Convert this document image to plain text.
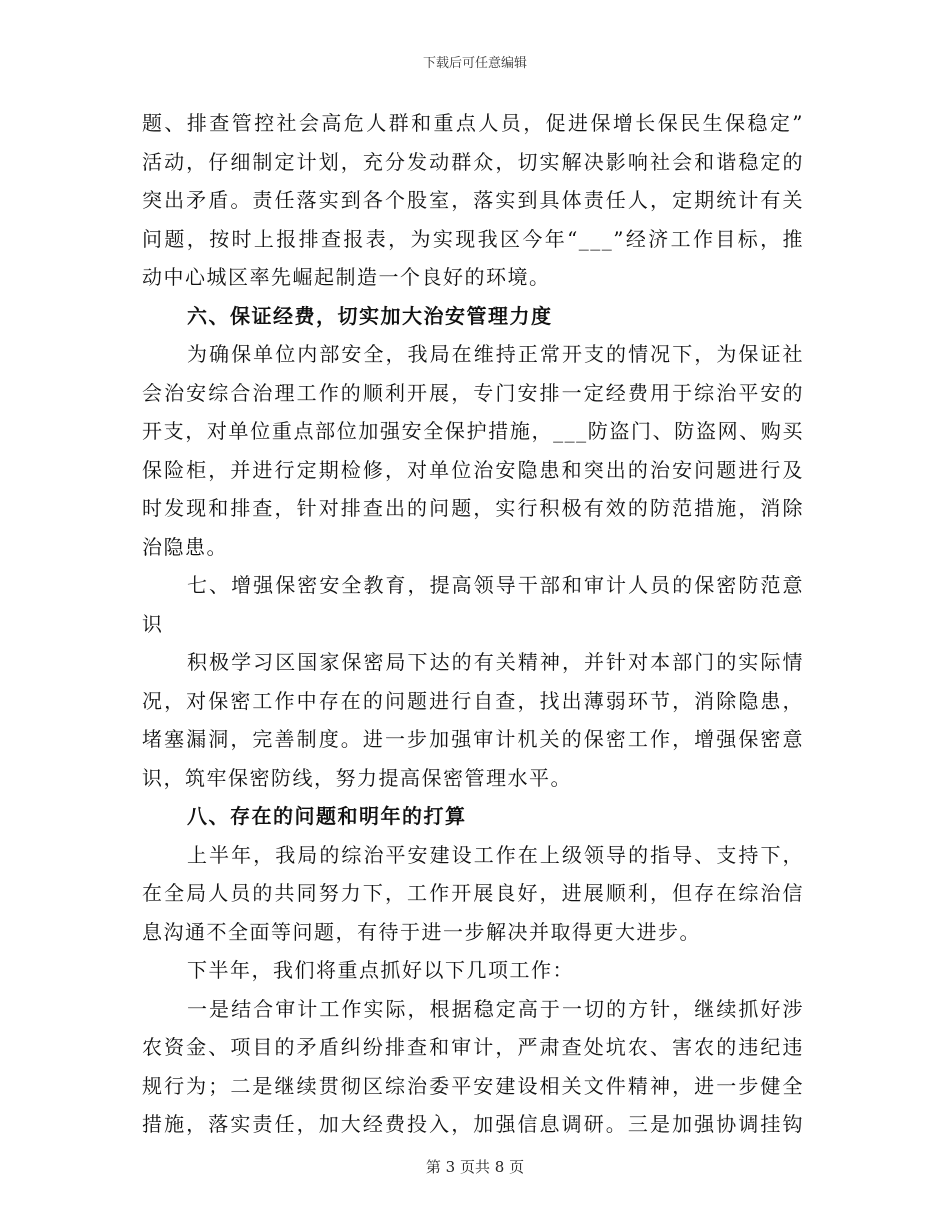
下载后可任意编辑
题、排查管控社会高危人群和重点人员，促进保增长保民生保稳定”
活动，仔细制定计划，充分发动群众，切实解决影响社会和谐稳定的
突出矛盾。责任落实到各个股室，落实到具体责任人，定期统计有关
问题，按时上报排查报表，为实现我区今年“___”经济工作目标，推
动中心城区率先崛起制造一个良好的环境。
六、保证经费，切实加大治安管理力度
为确保单位内部安全，我局在维持正常开支的情况下，为保证社
会治安综合治理工作的顺利开展，专门安排一定经费用于综治平安的
开支，对单位重点部位加强安全保护措施，___防盗门、防盗网、购买
保险柜，并进行定期检修，对单位治安隐患和突出的治安问题进行及
时发现和排查，针对排查出的问题，实行积极有效的防范措施，消除
治隐患。
七、增强保密安全教育，提高领导干部和审计人员的保密防范意
识
积极学习区国家保密局下达的有关精神，并针对本部门的实际情
况，对保密工作中存在的问题进行自查，找出薄弱环节，消除隐患，
堵塞漏洞，完善制度。进一步加强审计机关的保密工作，增强保密意
识，筑牢保密防线，努力提高保密管理水平。
八、存在的问题和明年的打算
上半年，我局的综治平安建设工作在上级领导的指导、支持下，
在全局人员的共同努力下，工作开展良好，进展顺利，但存在综治信
息沟通不全面等问题，有待于进一步解决并取得更大进步。
下半年，我们将重点抓好以下几项工作：
一是结合审计工作实际，根据稳定高于一切的方针，继续抓好涉
农资金、项目的矛盾纠纷排查和审计，严肃查处坑农、害农的违纪违
规行为；二是继续贯彻区综治委平安建设相关文件精神，进一步健全
措施，落实责任，加大经费投入，加强信息调研。三是加强协调挂钩
第 3 页共 8 页
